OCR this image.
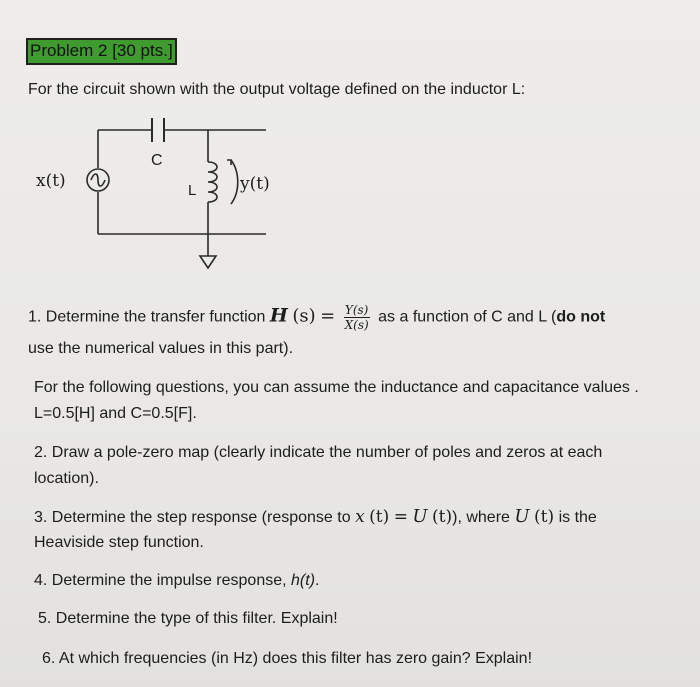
Problem 2 [30 pts.]
For the circuit shown with the output voltage defined on the inductor L:
x(t)
C
L	y(t)
1. Determine the transfer function H $(s) = \frac{Y(s)}{X(s)}$ as a function of C and L (do not
use the numerical values in this part).
For the following questions, you can assume the inductance and capacitance values .
L=0.5[H] and C=0.5[F].
2. Draw a pole-zero map (clearly indicate the number of poles and zeros at each
location).
3. Determine the step response (response to x (t) = U (t)), where U (t) is the
Heaviside step function.
4. Determine the impulse response, h(t).
5. Determine the type of this filter. Explain!
6. At which frequencies (in Hz) does this filter has zero gain? Explain!
